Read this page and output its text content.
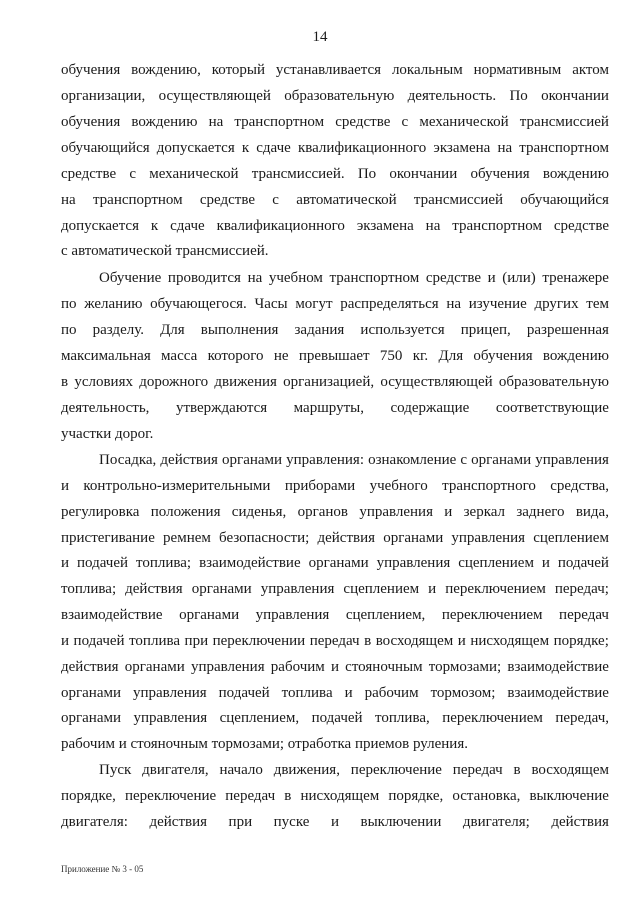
14
обучения вождению, который устанавливается локальным нормативным актом
организации, осуществляющей образовательную деятельность. По окончании
обучения вождению на транспортном средстве с механической трансмиссией
обучающийся допускается к сдаче квалификационного экзамена на транспортном
средстве с механической трансмиссией. По окончании обучения вождению
на транспортном средстве с автоматической трансмиссией обучающийся
допускается к сдаче квалификационного экзамена на транспортном средстве
с автоматической трансмиссией.
Обучение проводится на учебном транспортном средстве и (или) тренажере
по желанию обучающегося. Часы могут распределяться на изучение других тем
по разделу. Для выполнения задания используется прицеп, разрешенная
максимальная масса которого не превышает 750 кг. Для обучения вождению
в условиях дорожного движения организацией, осуществляющей образовательную
деятельность, утверждаются маршруты, содержащие соответствующие
участки дорог.
Посадка, действия органами управления: ознакомление с органами управления
и контрольно-измерительными приборами учебного транспортного средства,
регулировка положения сиденья, органов управления и зеркал заднего вида,
пристегивание ремнем безопасности; действия органами управления сцеплением
и подачей топлива; взаимодействие органами управления сцеплением и подачей
топлива; действия органами управления сцеплением и переключением передач;
взаимодействие органами управления сцеплением, переключением передач
и подачей топлива при переключении передач в восходящем и нисходящем порядке;
действия органами управления рабочим и стояночным тормозами; взаимодействие
органами управления подачей топлива и рабочим тормозом; взаимодействие
органами управления сцеплением, подачей топлива, переключением передач,
рабочим и стояночным тормозами; отработка приемов руления.
Пуск двигателя, начало движения, переключение передач в восходящем
порядке, переключение передач в нисходящем порядке, остановка, выключение
двигателя: действия при пуске и выключении двигателя; действия
Приложение № 3 - 05
